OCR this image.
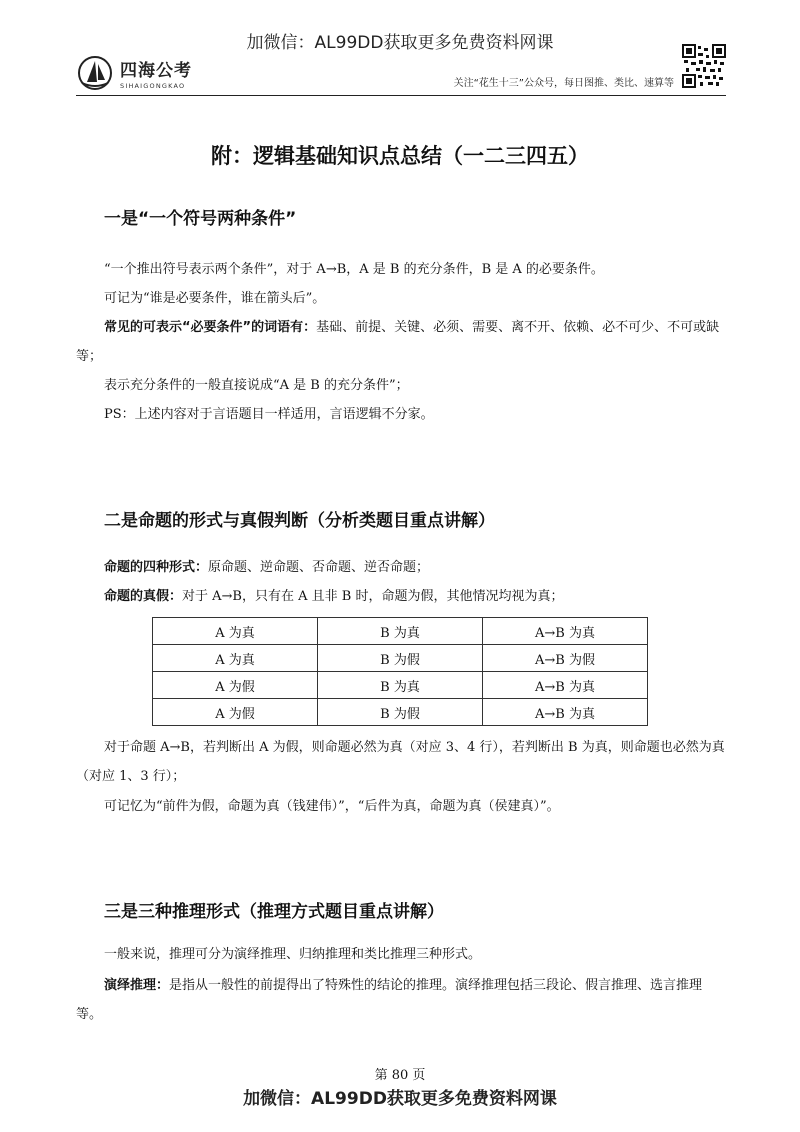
加微信：AL99DD获取更多免费资料网课
四海公考
SIHAIGONGKAO	关注“花生十三”公众号，每日图推、类比、速算等
附：逻辑基础知识点总结（一二三四五）
一是“一个符号两种条件”
“一个推出符号表示两个条件”，对于 A→B，A 是 B 的充分条件，B 是 A 的必要条件。
可记为“谁是必要条件，谁在箭头后”。
常见的可表示“必要条件”的词语有：基础、前提、关键、必须、需要、离不开、依赖、必不可少、不可或缺等；
表示充分条件的一般直接说成“A 是 B 的充分条件”；
PS：上述内容对于言语题目一样适用，言语逻辑不分家。
二是命题的形式与真假判断（分析类题目重点讲解）
命题的四种形式：原命题、逆命题、否命题、逆否命题；
命题的真假：对于 A→B，只有在 A 且非 B 时，命题为假，其他情况均视为真；
A 为真	B 为真	A→B 为真
A 为真	B 为假	A→B 为假
A 为假	B 为真	A→B 为真
A 为假	B 为假	A→B 为真
对于命题 A→B，若判断出 A 为假，则命题必然为真（对应 3、4 行），若判断出 B 为真，则命题也必然为真（对应 1、3 行）；
可记忆为“前件为假，命题为真（钱建伟）”，“后件为真，命题为真（侯建真）”。
三是三种推理形式（推理方式题目重点讲解）
一般来说，推理可分为演绎推理、归纳推理和类比推理三种形式。
演绎推理：是指从一般性的前提得出了特殊性的结论的推理。演绎推理包括三段论、假言推理、选言推理等。
第 80 页
加微信：AL99DD获取更多免费资料网课
